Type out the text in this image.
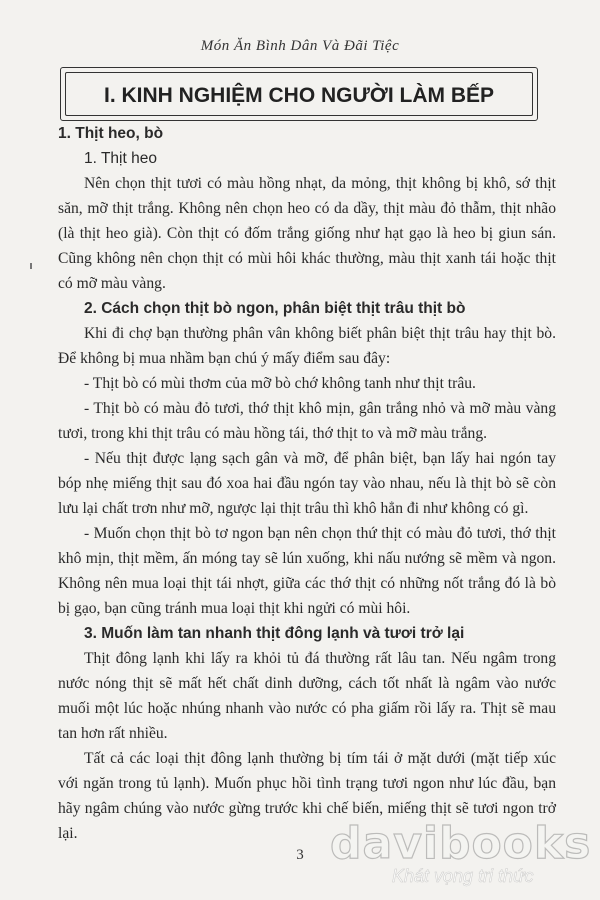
Món Ăn Bình Dân Và Đãi Tiệc
I. KINH NGHIỆM CHO NGƯỜI LÀM BẾP

1. Thịt heo, bò

1. Thịt heo

Nên chọn thịt tươi có màu hồng nhạt, da mỏng, thịt không bị khô, sớ thịt săn, mỡ thịt trắng. Không nên chọn heo có da dầy, thịt màu đỏ thẫm, thịt nhão (là thịt heo già). Còn thịt có đốm trắng giống như hạt gạo là heo bị giun sán. Cũng không nên chọn thịt có mùi hôi khác thường, màu thịt xanh tái hoặc thịt có mỡ màu vàng.

2. Cách chọn thịt bò ngon, phân biệt thịt trâu thịt bò

Khi đi chợ bạn thường phân vân không biết phân biệt thịt trâu hay thịt bò. Để không bị mua nhầm bạn chú ý mấy điểm sau đây:

- Thịt bò có mùi thơm của mỡ bò chớ không tanh như thịt trâu.

- Thịt bò có màu đỏ tươi, thớ thịt khô mịn, gân trắng nhỏ và mỡ màu vàng tươi, trong khi thịt trâu có màu hồng tái, thớ thịt to và mỡ màu trắng.

- Nếu thịt được lạng sạch gân và mỡ, để phân biệt, bạn lấy hai ngón tay bóp nhẹ miếng thịt sau đó xoa hai đầu ngón tay vào nhau, nếu là thịt bò sẽ còn lưu lại chất trơn như mỡ, ngược lại thịt trâu thì khô hẳn đi như không có gì.

- Muốn chọn thịt bò tơ ngon bạn nên chọn thứ thịt có màu đỏ tươi, thớ thịt khô mịn, thịt mềm, ấn móng tay sẽ lún xuống, khi nấu nướng sẽ mềm và ngon. Không nên mua loại thịt tái nhợt, giữa các thớ thịt có những nốt trắng đó là bò bị gạo, bạn cũng tránh mua loại thịt khi ngửi có mùi hôi.

3. Muốn làm tan nhanh thịt đông lạnh và tươi trở lại

Thịt đông lạnh khi lấy ra khỏi tủ đá thường rất lâu tan. Nếu ngâm trong nước nóng thịt sẽ mất hết chất dinh dưỡng, cách tốt nhất là ngâm vào nước muối một lúc hoặc nhúng nhanh vào nước có pha giấm rồi lấy ra. Thịt sẽ mau tan hơn rất nhiều.

Tất cả các loại thịt đông lạnh thường bị tím tái ở mặt dưới (mặt tiếp xúc với ngăn trong tủ lạnh). Muốn phục hồi tình trạng tươi ngon như lúc đầu, bạn hãy ngâm chúng vào nước gừng trước khi chế biến, miếng thịt sẽ tươi ngon trở lại.

3 davibooks
Khát vọng tri thức
